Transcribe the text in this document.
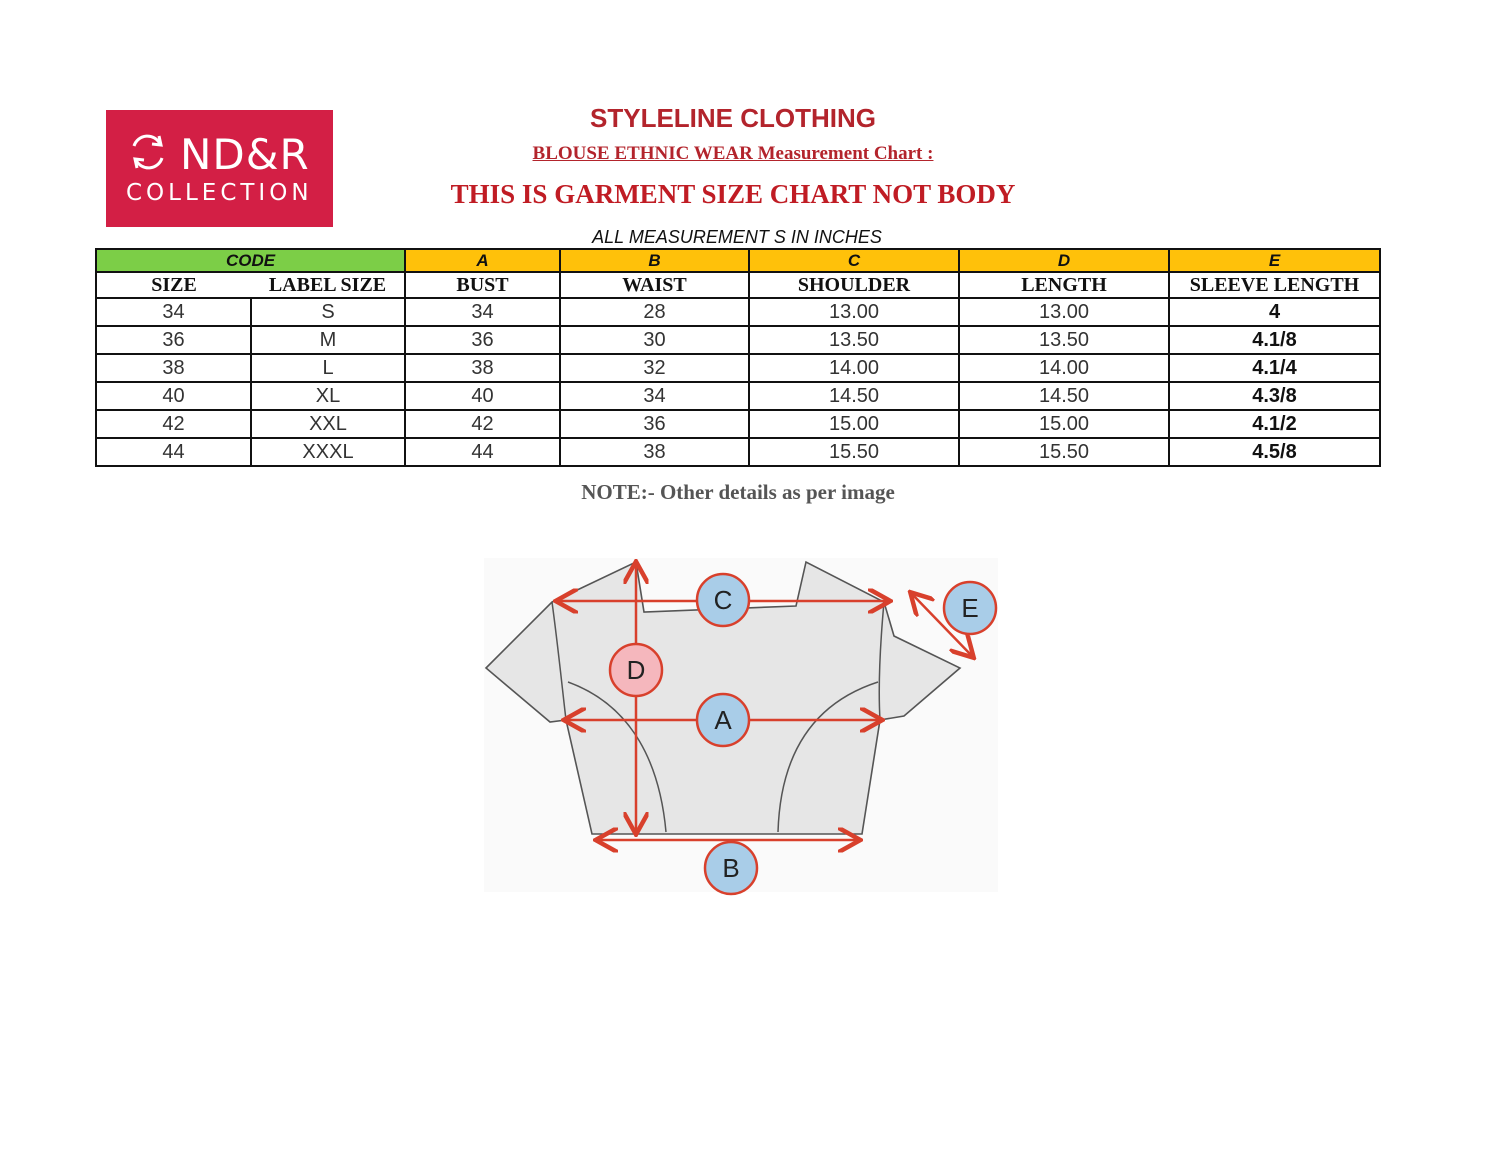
ND&R
COLLECTION
STYLELINE CLOTHING
BLOUSE ETHNIC WEAR Measurement Chart :
THIS IS GARMENT SIZE CHART NOT BODY
ALL MEASUREMENT S IN INCHES
CODE		A	B	C	D	E
SIZE	LABEL SIZE	BUST	WAIST	SHOULDER	LENGTH	SLEEVE LENGTH
34	S	34	28	13.00	13.00	4
36	M	36	30	13.50	13.50	4.1/8
38	L	38	32	14.00	14.00	4.1/4
40	XL	40	34	14.50	14.50	4.3/8
42	XXL	42	36	15.00	15.00	4.1/2
44	XXXL	44	38	15.50	15.50	4.5/8
NOTE:- Other details as per image
C
D
A
B
E
